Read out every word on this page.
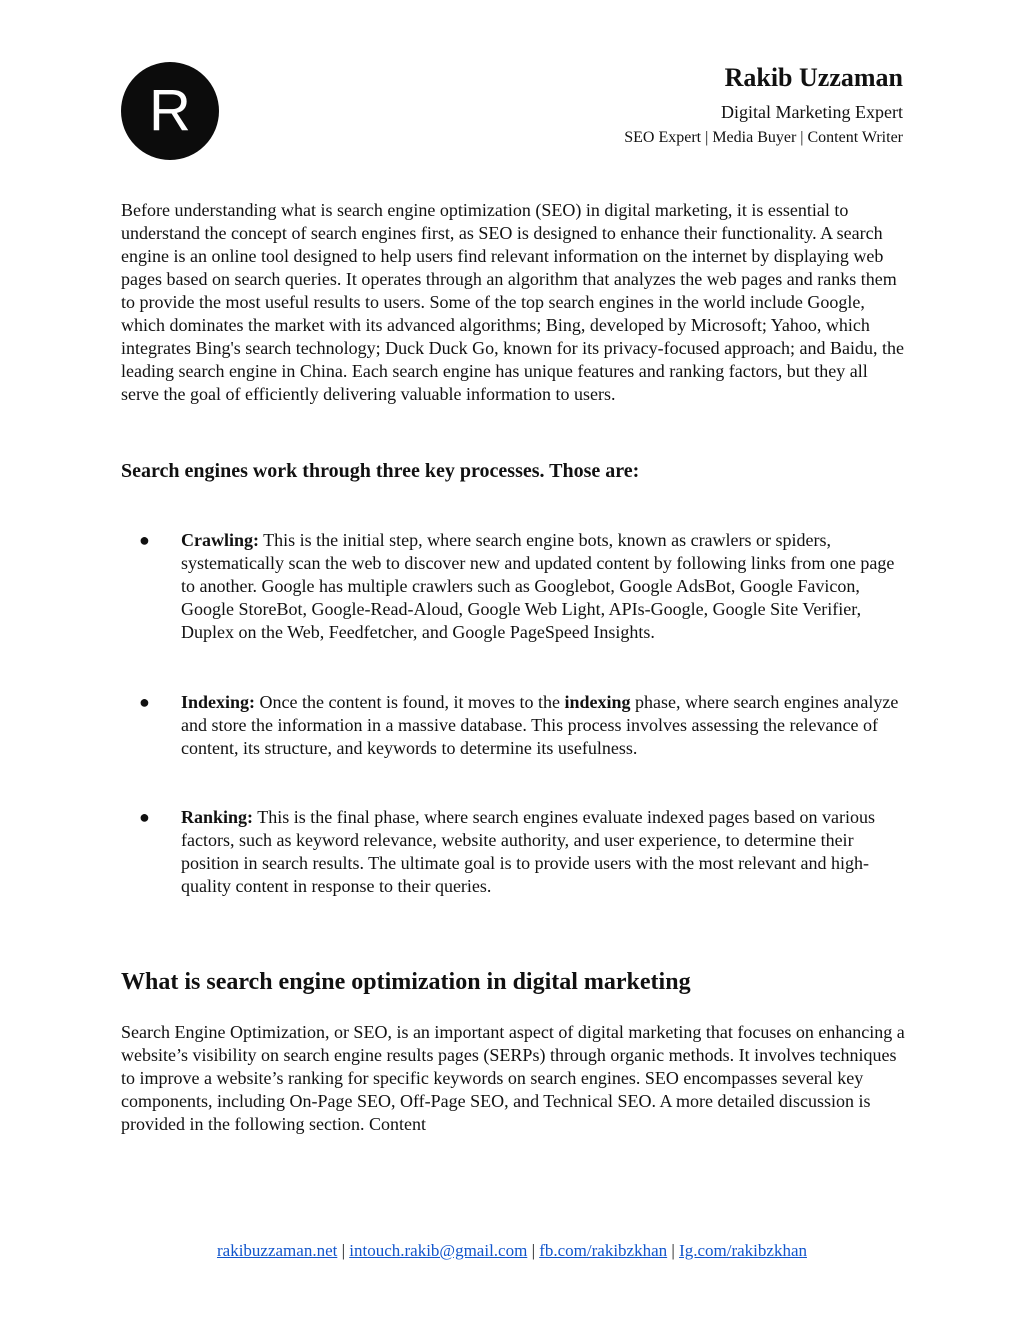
R
Rakib Uzzaman
Digital Marketing Expert
SEO Expert | Media Buyer | Content Writer

Before understanding what is search engine optimization (SEO) in digital marketing, it is essential to understand the concept of search engines first, as SEO is designed to enhance their functionality. A search engine is an online tool designed to help users find relevant information on the internet by displaying web pages based on search queries. It operates through an algorithm that analyzes the web pages and ranks them to provide the most useful results to users. Some of the top search engines in the world include Google, which dominates the market with its advanced algorithms; Bing, developed by Microsoft; Yahoo, which integrates Bing's search technology; Duck Duck Go, known for its privacy-focused approach; and Baidu, the leading search engine in China. Each search engine has unique features and ranking factors, but they all serve the goal of efficiently delivering valuable information to users.

Search engines work through three key processes. Those are:
● Crawling: This is the initial step, where search engine bots, known as crawlers or spiders, systematically scan the web to discover new and updated content by following links from one page to another. Google has multiple crawlers such as Googlebot, Google AdsBot, Google Favicon, Google StoreBot, Google-Read-Aloud, Google Web Light, APIs-Google, Google Site Verifier, Duplex on the Web, Feedfetcher, and Google PageSpeed Insights.
● Indexing: Once the content is found, it moves to the indexing phase, where search engines analyze and store the information in a massive database. This process involves assessing the relevance of content, its structure, and keywords to determine its usefulness.
● Ranking: This is the final phase, where search engines evaluate indexed pages based on various factors, such as keyword relevance, website authority, and user experience, to determine their position in search results. The ultimate goal is to provide users with the most relevant and high-quality content in response to their queries.
What is search engine optimization in digital marketing

Search Engine Optimization, or SEO, is an important aspect of digital marketing that focuses on enhancing a website’s visibility on search engine results pages (SERPs) through organic methods. It involves techniques to improve a website’s ranking for specific keywords on search engines. SEO encompasses several key components, including On-Page SEO, Off-Page SEO, and Technical SEO. A more detailed discussion is provided in the following section. Content

rakibuzzaman.net | intouch.rakib@gmail.com | fb.com/rakibzkhan | Ig.com/rakibzkhan
